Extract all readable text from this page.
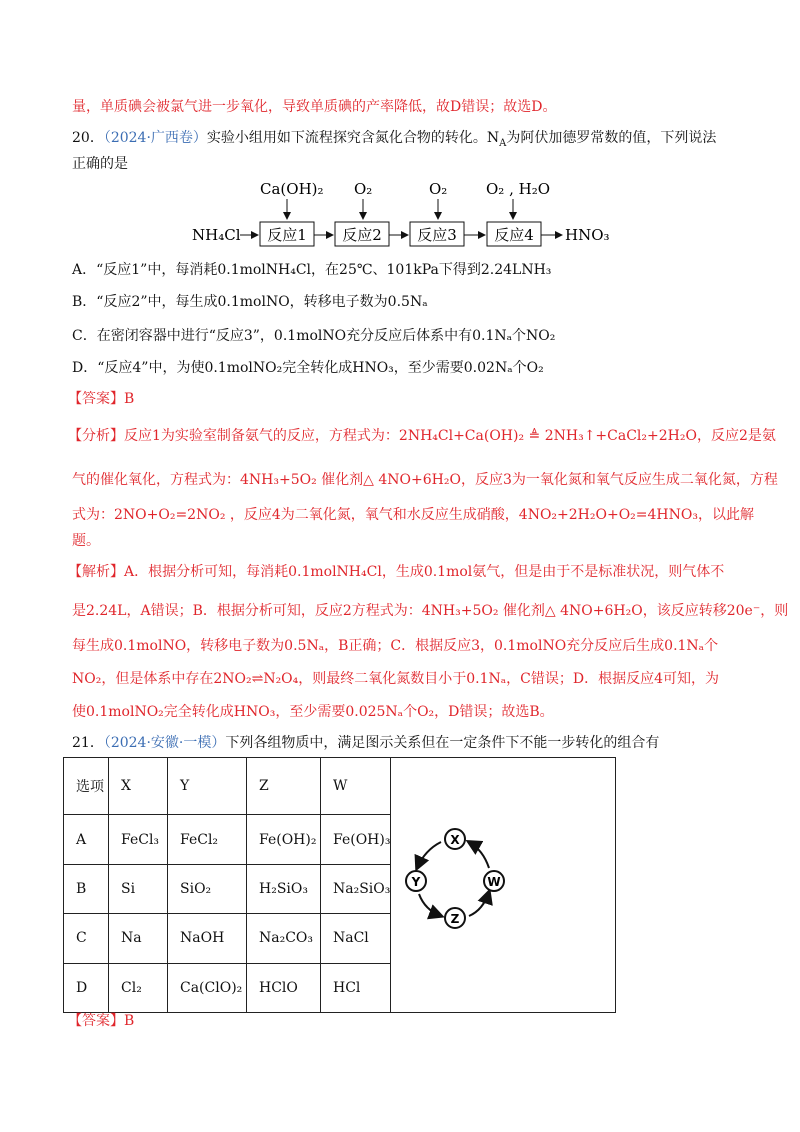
量，单质碘会被氯气进一步氧化，导致单质碘的产率降低，故D错误；故选D。
20．（2024·广西卷）实验小组用如下流程探究含氮化合物的转化。$N_A$为阿伏加德罗常数的值，下列说法
正确的是
Ca(OH)₂ O₂	O₂	O₂ , H₂O
NH₄Cl 反应1 反应2 反应3 反应4 HNO₃
A．“反应1”中，每消耗0.1molNH₄Cl，在25℃、101kPa下得到2.24LNH₃
B．“反应2”中，每生成0.1molNO，转移电子数为0.5Nₐ
C．在密闭容器中进行“反应3”，0.1molNO充分反应后体系中有0.1Nₐ个NO₂
D．“反应4”中，为使0.1molNO₂完全转化成HNO₃，至少需要0.02Nₐ个O₂
【答案】B
【分析】反应1为实验室制备氨气的反应，方程式为：2NH₄Cl+Ca(OH)₂ ≜ 2NH₃↑+CaCl₂+2H₂O，反应2是氨
气的催化氧化，方程式为：4NH₃+5O₂ 催化剂△ 4NO+6H₂O，反应3为一氧化氮和氧气反应生成二氧化氮，方程
式为：2NO+O₂=2NO₂ ，反应4为二氧化氮，氧气和水反应生成硝酸，4NO₂+2H₂O+O₂=4HNO₃，以此解
题。
【解析】A．根据分析可知，每消耗0.1molNH₄Cl，生成0.1mol氨气，但是由于不是标准状况，则气体不
是2.24L，A错误；B．根据分析可知，反应2方程式为：4NH₃+5O₂ 催化剂△ 4NO+6H₂O，该反应转移20e⁻，则
每生成0.1molNO，转移电子数为0.5Nₐ，B正确；C．根据反应3，0.1molNO充分反应后生成0.1Nₐ个
NO₂，但是体系中存在2NO₂⇌N₂O₄，则最终二氧化氮数目小于0.1Nₐ，C错误；D．根据反应4可知，为
使0.1molNO₂完全转化成HNO₃，至少需要0.025Nₐ个O₂，D错误；故选B。
21．（2024·安徽·一模）下列各组物质中，满足图示关系但在一定条件下不能一步转化的组合有
选项	X	Y	Z	W	X
Y
Z
W

A	FeCl₃	FeCl₂	Fe(OH)₂	Fe(OH)₃	
B	Si	SiO₂	H₂SiO₃	Na₂SiO₃	
C	Na	NaOH	Na₂CO₃	NaCl	
D	Cl₂	Ca(ClO)₂	HClO	HCl	
【答案】B
